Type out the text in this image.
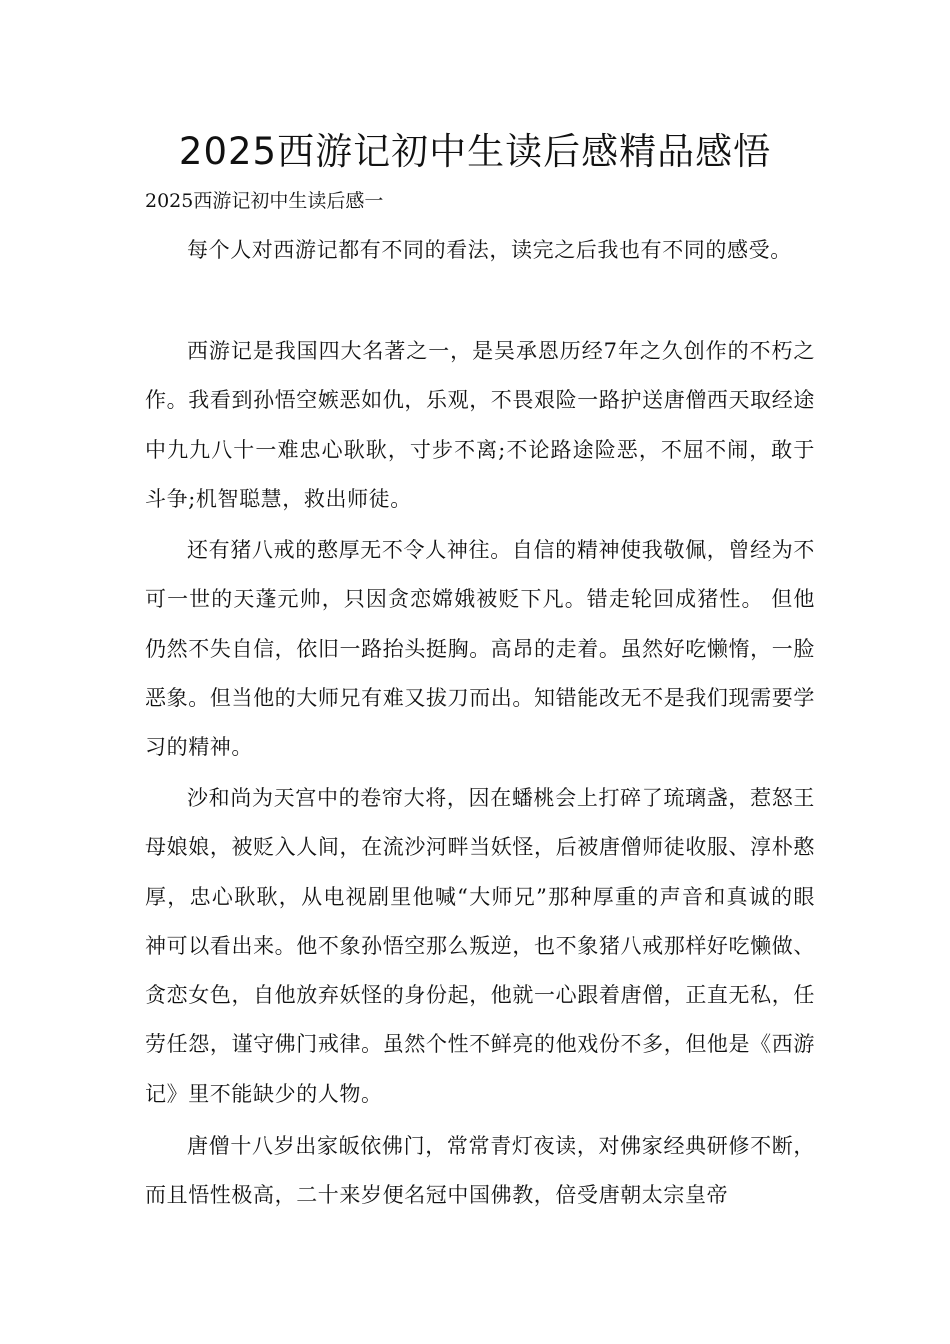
2025西游记初中生读后感精品感悟

2025西游记初中生读后感一

每个人对西游记都有不同的看法，读完之后我也有不同的感受。

西游记是我国四大名著之一，是吴承恩历经7年之久创作的不朽之作。我看到孙悟空嫉恶如仇，乐观，不畏艰险一路护送唐僧西天取经途中九九八十一难忠心耿耿，寸步不离;不论路途险恶，不屈不闹，敢于斗争;机智聪慧，救出师徒。

还有猪八戒的憨厚无不令人神往。自信的精神使我敬佩，曾经为不可一世的天蓬元帅，只因贪恋嫦娥被贬下凡。错走轮回成猪性。 但他仍然不失自信，依旧一路抬头挺胸。高昂的走着。虽然好吃懒惰，一脸恶象。但当他的大师兄有难又拔刀而出。知错能改无不是我们现需要学习的精神。

沙和尚为天宫中的卷帘大将，因在蟠桃会上打碎了琉璃盏，惹怒王母娘娘，被贬入人间，在流沙河畔当妖怪，后被唐僧师徒收服、淳朴憨厚，忠心耿耿，从电视剧里他喊“大师兄”那种厚重的声音和真诚的眼神可以看出来。他不象孙悟空那么叛逆，也不象猪八戒那样好吃懒做、贪恋女色，自他放弃妖怪的身份起，他就一心跟着唐僧，正直无私，任劳任怨，谨守佛门戒律。虽然个性不鲜亮的他戏份不多，但他是《西游记》里不能缺少的人物。

唐僧十八岁出家皈依佛门，常常青灯夜读，对佛家经典研修不断，而且悟性极高，二十来岁便名冠中国佛教，倍受唐朝太宗皇帝
